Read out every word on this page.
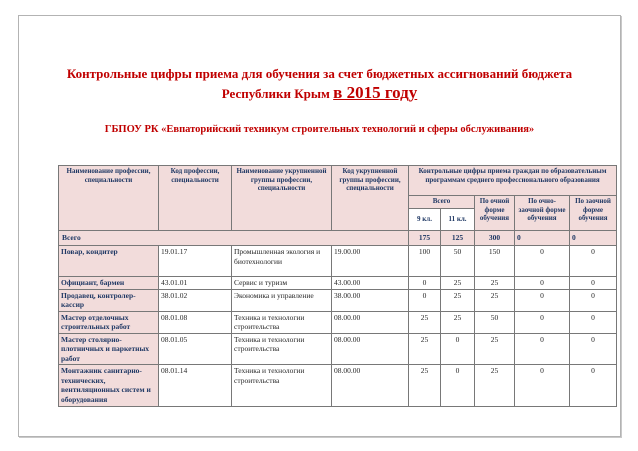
Контрольные цифры приема для обучения за счет бюджетных ассигнований бюджета
Республики Крым в 2015 году
ГБПОУ РК «Евпаторийский техникум строительных технологий и сферы обслуживания»
Наименование профессии, специальности	Код профессии, специальности	Наименование укрупненной группы профессии, специальности	Код укрупненной группы профессии, специальности	Контрольные цифры приема граждан по образовательным программам среднего профессионального образования				
				Всего		По очной форме обучения	По очно-заочной форме обучения	По заочной форме обучения
				9 кл.	11 кл.			
Всего				175	125	300	0	0
Повар, кондитер	19.01.17	Промышленная экология и биотехнологии	19.00.00	100	50	150	0	0
Официант, бармен	43.01.01	Сервис и туризм	43.00.00	0	25	25	0	0
Продавец, контролер-кассир	38.01.02	Экономика и управление	38.00.00	0	25	25	0	0
Мастер отделочных строительных работ	08.01.08	Техника и технологии строительства	08.00.00	25	25	50	0	0
Мастер столярно-плотничных и паркетных работ	08.01.05	Техника и технологии строительства	08.00.00	25	0	25	0	0
Монтажник санитарно-технических, вентиляционных систем и оборудования	08.01.14	Техника и технологии строительства	08.00.00	25	0	25	0	0
